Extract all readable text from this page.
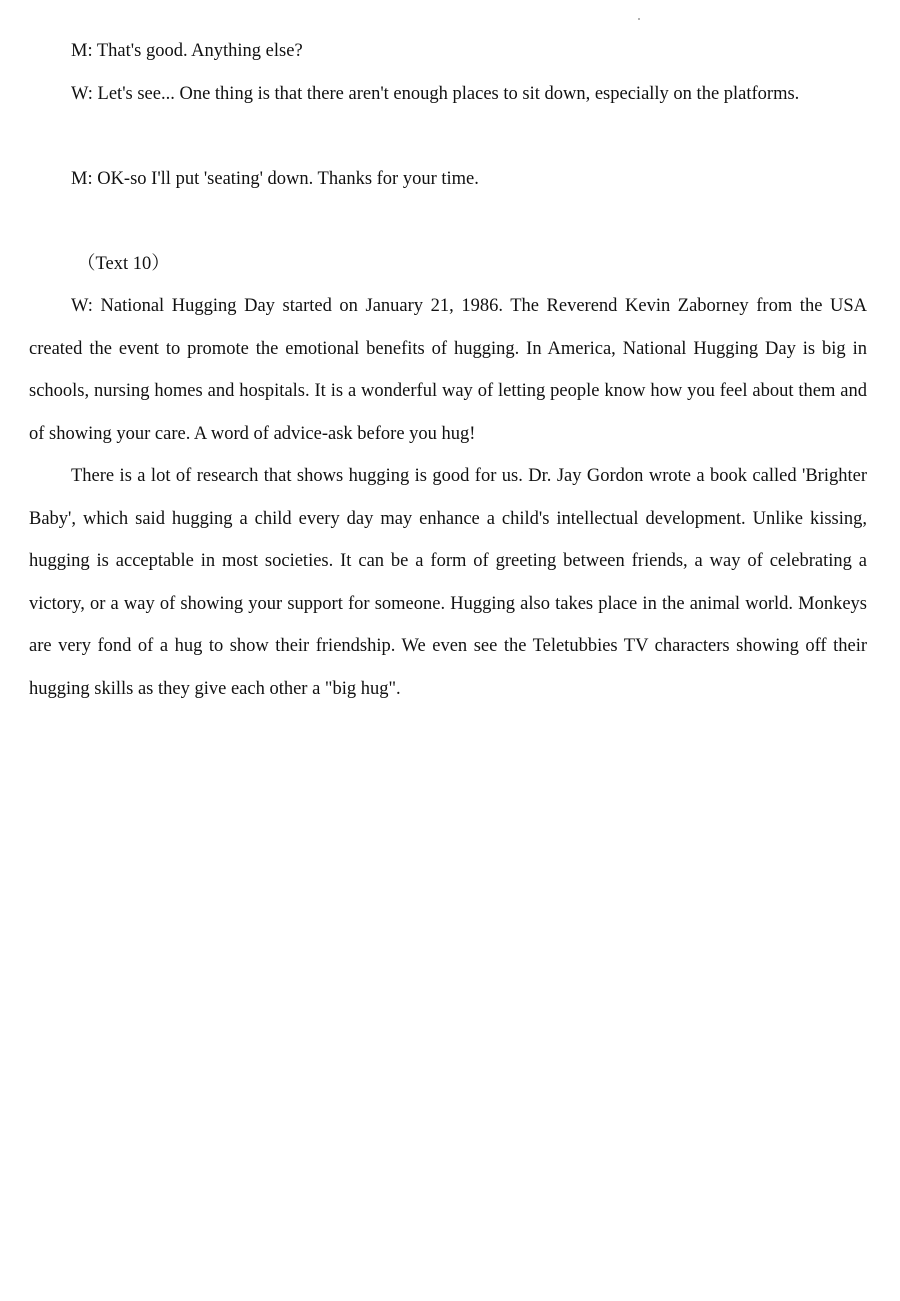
M: That's good. Anything else?

W: Let's see... One thing is that there aren't enough places to sit down, especially on the platforms.

M: OK-so I'll put 'seating' down. Thanks for your time.

（Text 10）

W: National Hugging Day started on January 21, 1986. The Reverend Kevin Zaborney from the USA created the event to promote the emotional benefits of hugging. In America, National Hugging Day is big in schools, nursing homes and hospitals. It is a wonderful way of letting people know how you feel about them and of showing your care. A word of advice-ask before you hug!

There is a lot of research that shows hugging is good for us. Dr. Jay Gordon wrote a book called 'Brighter Baby', which said hugging a child every day may enhance a child's intellectual development. Unlike kissing, hugging is acceptable in most societies. It can be a form of greeting between friends, a way of celebrating a victory, or a way of showing your support for someone. Hugging also takes place in the animal world. Monkeys are very fond of a hug to show their friendship. We even see the Teletubbies TV characters showing off their hugging skills as they give each other a "big hug".
